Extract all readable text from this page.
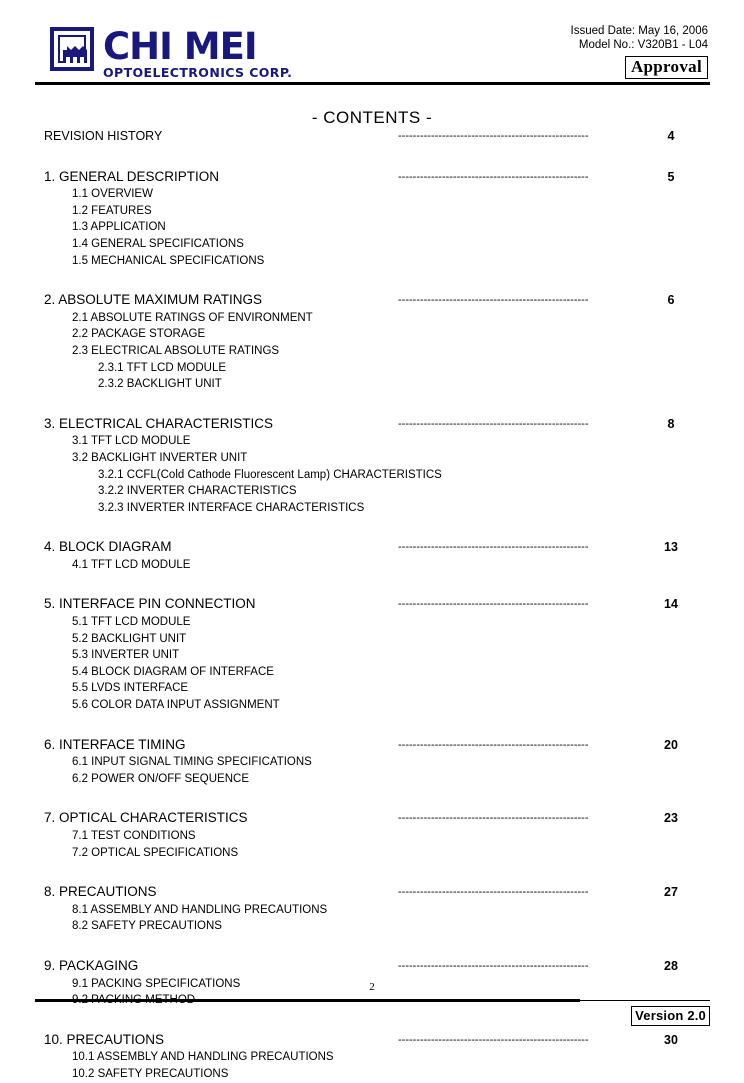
CHI MEI
OPTOELECTRONICS CORP.
Issued Date: May 16, 2006
Model No.: V320B1 - L04
Approval
- CONTENTS -
REVISION HISTORY	----------------------------------------------------	4
1. GENERAL DESCRIPTION	----------------------------------------------------	5
1.1 OVERVIEW
1.2 FEATURES
1.3 APPLICATION
1.4 GENERAL SPECIFICATIONS
1.5 MECHANICAL SPECIFICATIONS
2. ABSOLUTE MAXIMUM RATINGS	----------------------------------------------------	6
2.1 ABSOLUTE RATINGS OF ENVIRONMENT
2.2 PACKAGE STORAGE
2.3 ELECTRICAL ABSOLUTE RATINGS
2.3.1 TFT LCD MODULE
2.3.2 BACKLIGHT UNIT
3. ELECTRICAL CHARACTERISTICS	----------------------------------------------------	8
3.1 TFT LCD MODULE
3.2 BACKLIGHT INVERTER UNIT
3.2.1 CCFL(Cold Cathode Fluorescent Lamp) CHARACTERISTICS
3.2.2 INVERTER CHARACTERISTICS
3.2.3 INVERTER INTERFACE CHARACTERISTICS
4. BLOCK DIAGRAM	----------------------------------------------------	13
4.1 TFT LCD MODULE
5. INTERFACE PIN CONNECTION	----------------------------------------------------	14
5.1 TFT LCD MODULE
5.2 BACKLIGHT UNIT
5.3 INVERTER UNIT
5.4 BLOCK DIAGRAM OF INTERFACE
5.5 LVDS INTERFACE
5.6 COLOR DATA INPUT ASSIGNMENT
6. INTERFACE TIMING	----------------------------------------------------	20
6.1 INPUT SIGNAL TIMING SPECIFICATIONS
6.2 POWER ON/OFF SEQUENCE
7. OPTICAL CHARACTERISTICS	----------------------------------------------------	23
7.1 TEST CONDITIONS
7.2 OPTICAL SPECIFICATIONS
8. PRECAUTIONS	----------------------------------------------------	27
8.1 ASSEMBLY AND HANDLING PRECAUTIONS
8.2 SAFETY PRECAUTIONS
9. PACKAGING	----------------------------------------------------	28
9.1 PACKING SPECIFICATIONS
10. PRECAUTIONS	----------------------------------------------------	30
10.1 ASSEMBLY AND HANDLING PRECAUTIONS
10.2 SAFETY PRECAUTIONS
2
Version 2.0
